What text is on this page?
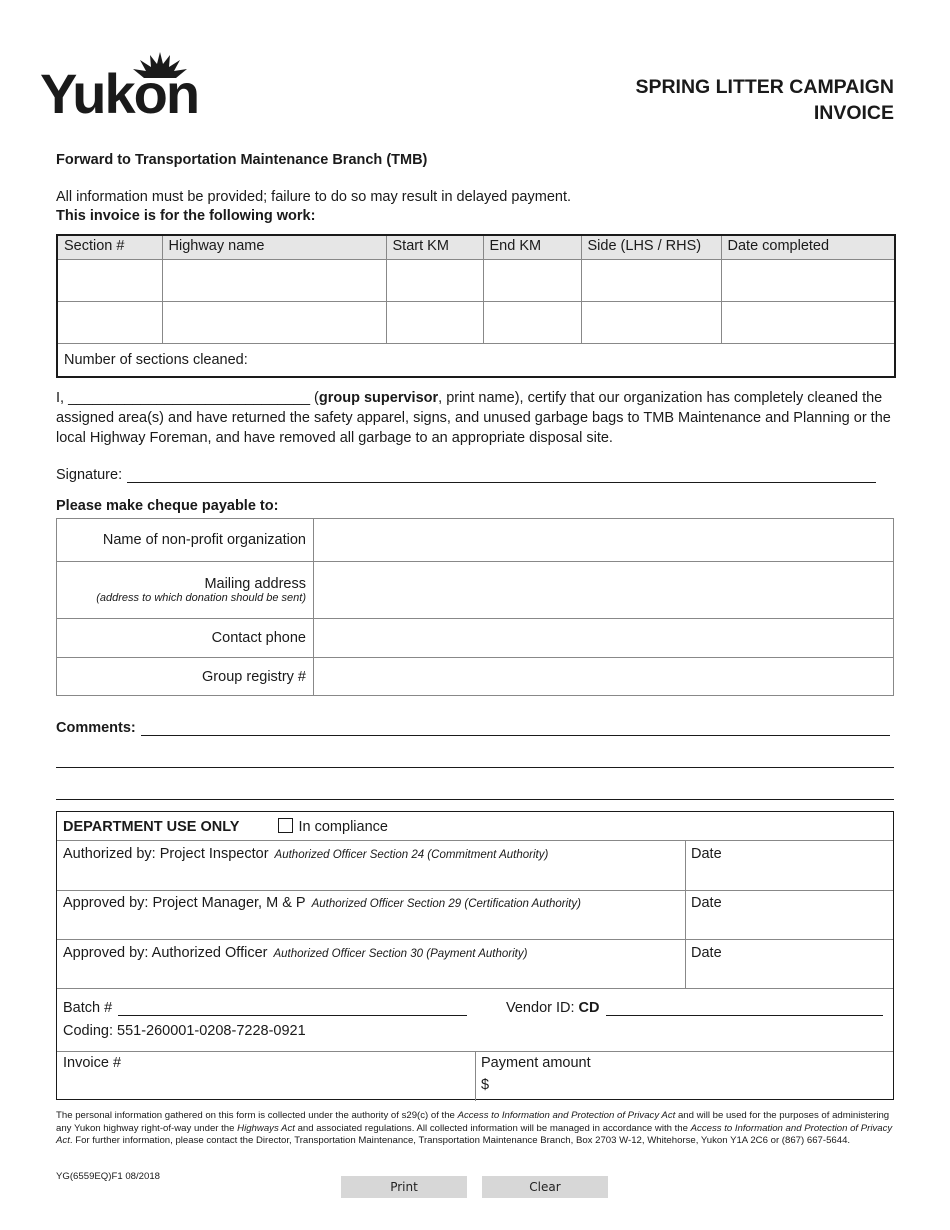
Yukon	SPRING LITTER CAMPAIGN
INVOICE
Forward to Transportation Maintenance Branch (TMB)
All information must be provided; failure to do so may result in delayed payment.
This invoice is for the following work:
Section #	Highway name	Start KM	End KM	Side (LHS / RHS)	Date completed

Number of sections cleaned:					
I, ______________________________ (group supervisor, print name), certify that our organization has completely cleaned the assigned area(s) and have returned the safety apparel, signs, and unused garbage bags to TMB Maintenance and Planning or the local Highway Foreman, and have removed all garbage to an appropriate disposal site.
Signature:
Please make cheque payable to:
Name of non-profit organization	

Mailing address
(address to which donation should be sent)	

Contact phone	
Group registry #	
Comments:
DEPARTMENT USE ONLY	In compliance
Authorized by: Project Inspector Authorized Officer Section 24 (Commitment Authority)	Date
Approved by: Project Manager, M & P Authorized Officer Section 29 (Certification Authority)	Date
Approved by: Authorized Officer Authorized Officer Section 30 (Payment Authority)	Date
Batch #	Vendor ID:
CD
Coding: 551-260001-0208-7228-0921
Invoice #	Payment amount
$
The personal information gathered on this form is collected under the authority of s29(c) of the Access to Information and Protection of Privacy Act and will be used for the purposes of administering any Yukon highway right-of-way under the Highways Act and associated regulations. All collected information will be managed in accordance with the Access to Information and Protection of Privacy Act. For further information, please contact the Director, Transportation Maintenance, Transportation Maintenance Branch, Box 2703 W-12, Whitehorse, Yukon Y1A 2C6 or (867) 667-5644.
YG(6559EQ)F1 08/2018
Print	Clear
